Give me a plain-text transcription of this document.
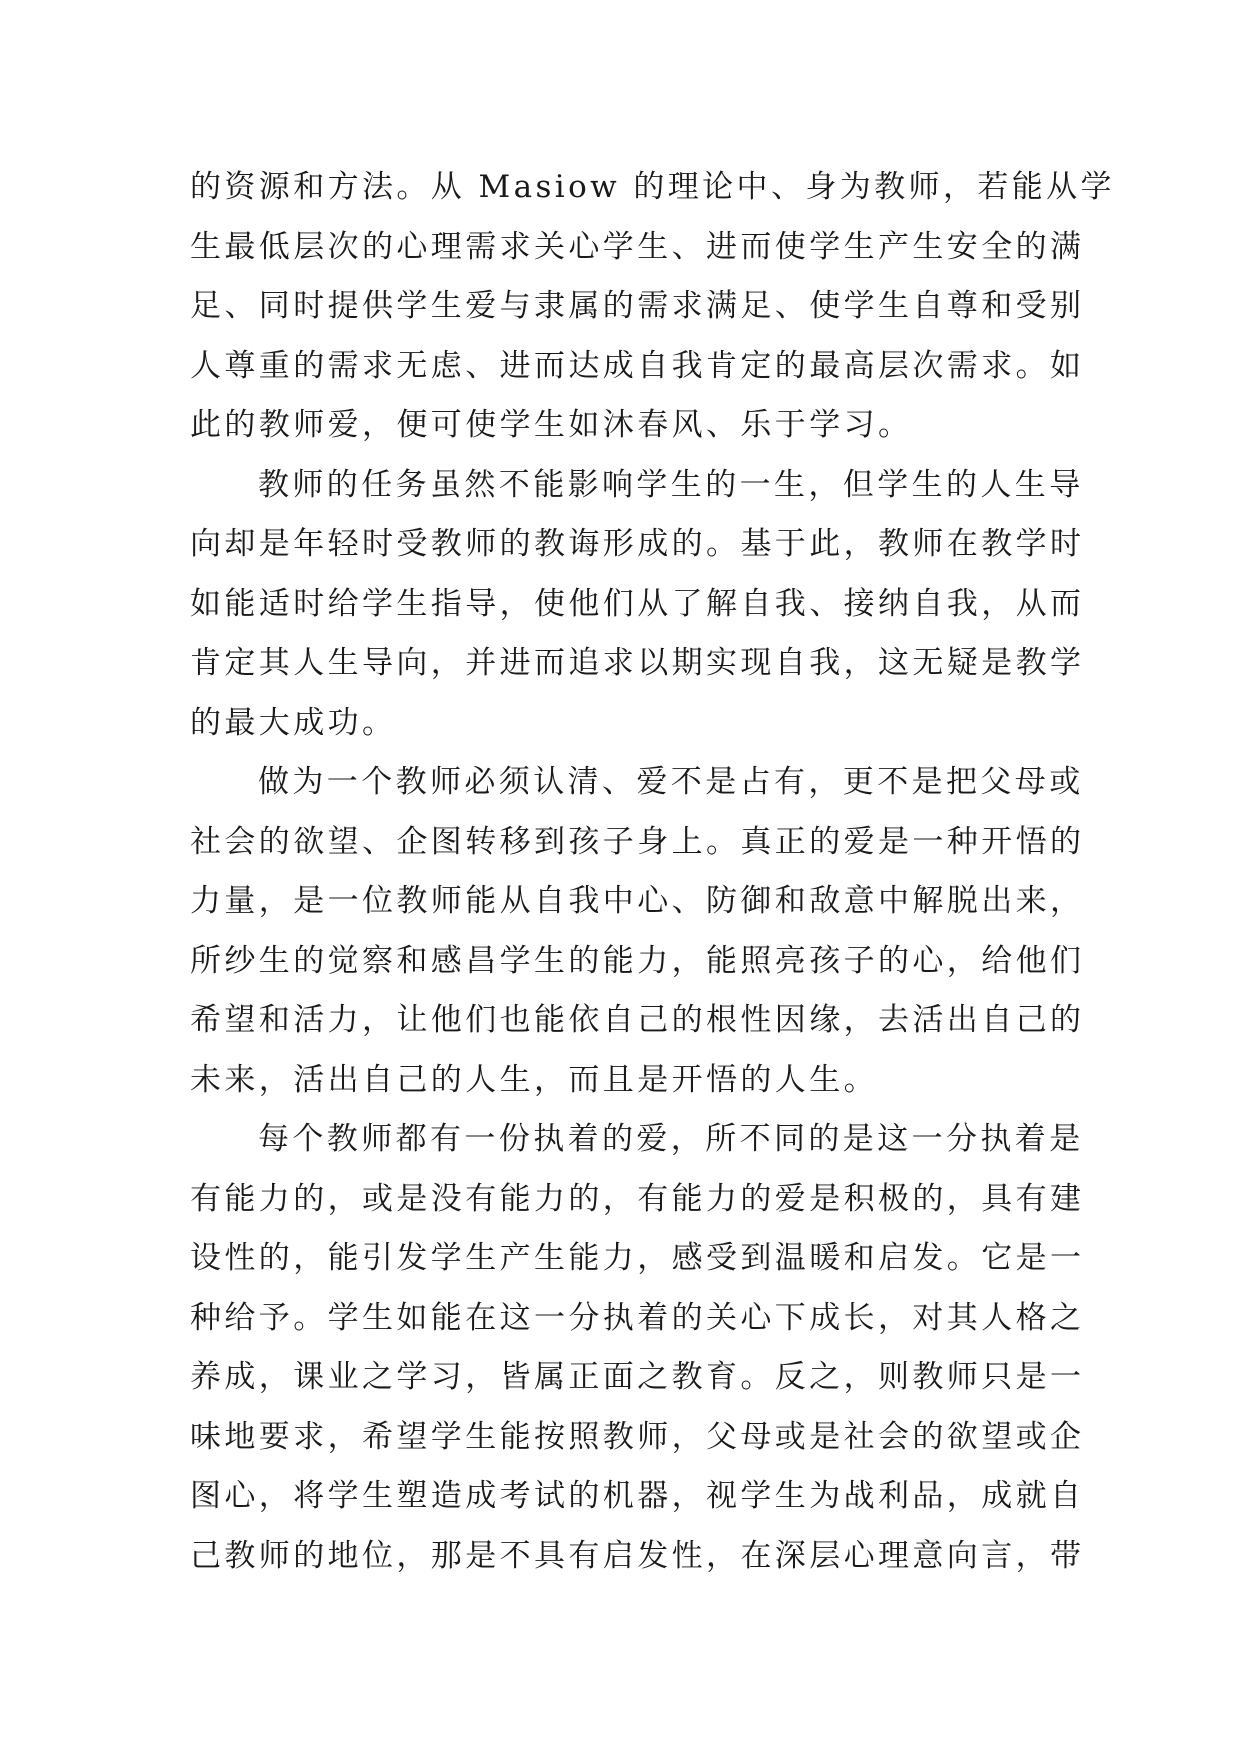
的资源和方法。从 Masiow 的理论中、身为教师，若能从学
生最低层次的心理需求关心学生、进而使学生产生安全的满
足、同时提供学生爱与隶属的需求满足、使学生自尊和受别
人尊重的需求无虑、进而达成自我肯定的最高层次需求。如
此的教师爱，便可使学生如沐春风、乐于学习。

教师的任务虽然不能影响学生的一生，但学生的人生导
向却是年轻时受教师的教诲形成的。基于此，教师在教学时
如能适时给学生指导，使他们从了解自我、接纳自我，从而
肯定其人生导向，并进而追求以期实现自我，这无疑是教学
的最大成功。

做为一个教师必须认清、爱不是占有，更不是把父母或
社会的欲望、企图转移到孩子身上。真正的爱是一种开悟的
力量，是一位教师能从自我中心、防御和敌意中解脱出来，
所纱生的觉察和感昌学生的能力，能照亮孩子的心，给他们
希望和活力，让他们也能依自己的根性因缘，去活出自己的
未来，活出自己的人生，而且是开悟的人生。

每个教师都有一份执着的爱，所不同的是这一分执着是
有能力的，或是没有能力的，有能力的爱是积极的，具有建
设性的，能引发学生产生能力，感受到温暖和启发。它是一
种给予。学生如能在这一分执着的关心下成长，对其人格之
养成，课业之学习，皆属正面之教育。反之，则教师只是一
味地要求，希望学生能按照教师，父母或是社会的欲望或企
图心，将学生塑造成考试的机器，视学生为战利品，成就自
己教师的地位，那是不具有启发性，在深层心理意向言，带
